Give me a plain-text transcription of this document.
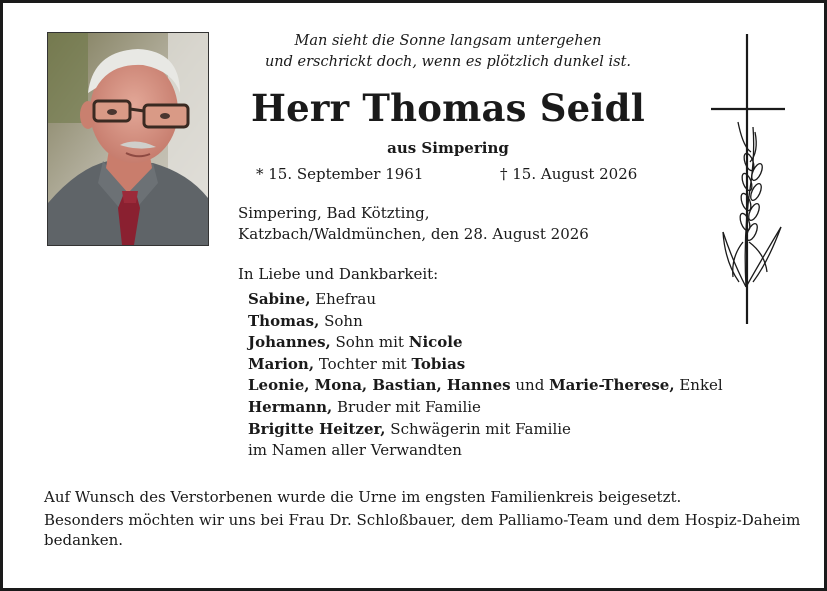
Man sieht die Sonne langsam untergehen
und erschrickt doch, wenn es plötzlich dunkel ist.
Herr Thomas Seidl
aus Simpering
* 15. September 1961	† 15. August 2026
Simpering, Bad Kötzting,
Katzbach/Waldmünchen, den 28. August 2026
In Liebe und Dankbarkeit:
Sabine, Ehefrau
Thomas, Sohn
Johannes, Sohn mit Nicole
Marion, Tochter mit Tobias
Leonie, Mona, Bastian, Hannes und Marie-Therese, Enkel
Hermann, Bruder mit Familie
Brigitte Heitzer, Schwägerin mit Familie
im Namen aller Verwandten
Auf Wunsch des Verstorbenen wurde die Urne im engsten Familienkreis beigesetzt.
Besonders möchten wir uns bei Frau Dr. Schloßbauer, dem Palliamo-Team und dem Hospiz-Daheim bedanken.
